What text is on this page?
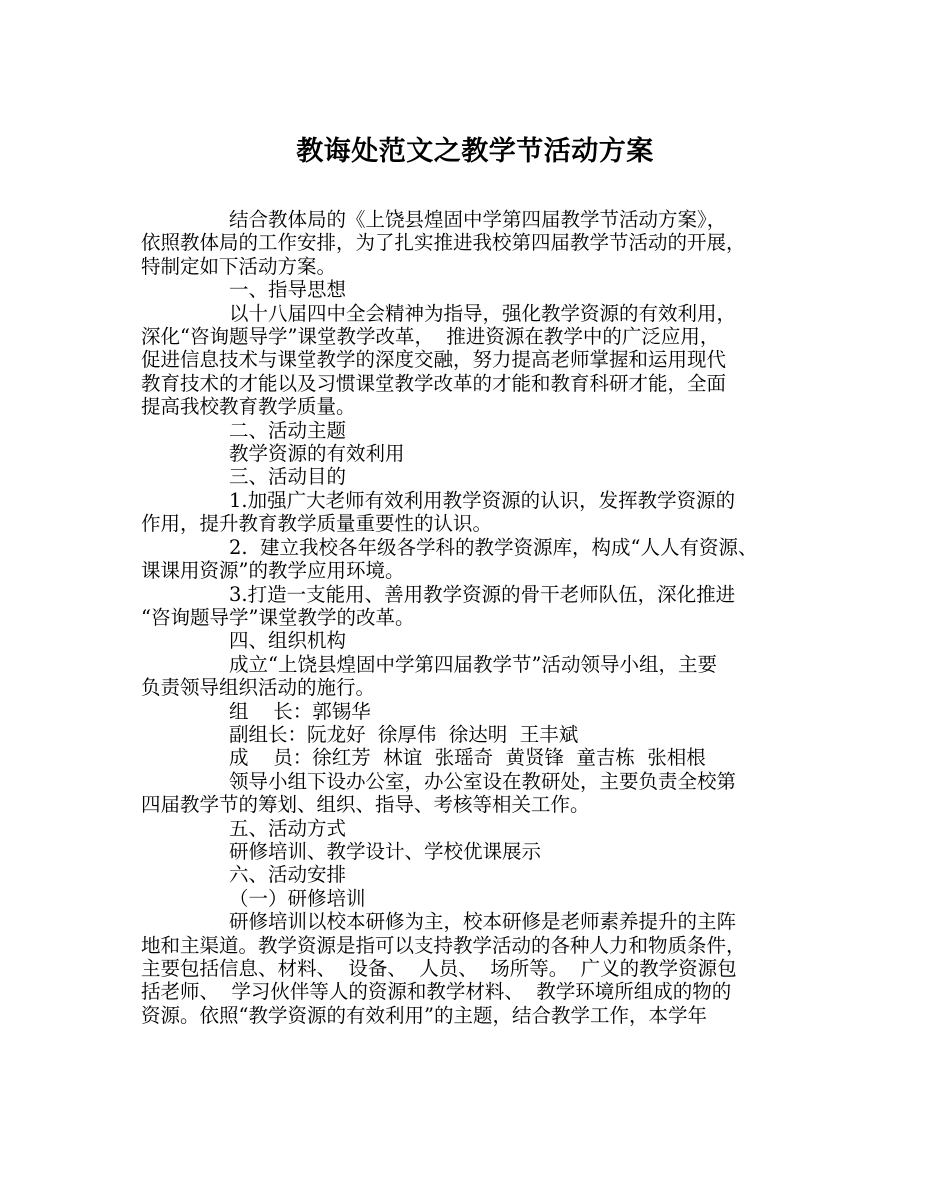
教诲处范文之教学节活动方案
结合教体局的《上饶县煌固中学第四届教学节活动方案》，
依照教体局的工作安排，为了扎实推进我校第四届教学节活动的开展，
特制定如下活动方案。
一、指导思想
以十八届四中全会精神为指导，强化教学资源的有效利用，
深化“咨询题导学”课堂教学改革，  推进资源在教学中的广泛应用，
促进信息技术与课堂教学的深度交融，努力提高老师掌握和运用现代
教育技术的才能以及习惯课堂教学改革的才能和教育科研才能，全面
提高我校教育教学质量。
二、活动主题
教学资源的有效利用
三、活动目的
1.加强广大老师有效利用教学资源的认识，发挥教学资源的
作用，提升教育教学质量重要性的认识。
2.  建立我校各年级各学科的教学资源库，构成“人人有资源、
课课用资源”的教学应用环境。
3.打造一支能用、善用教学资源的骨干老师队伍，深化推进
“咨询题导学”课堂教学的改革。
四、组织机构
成立“上饶县煌固中学第四届教学节”活动领导小组，主要
负责领导组织活动的施行。
组    长：郭锡华
副组长：阮龙好  徐厚伟  徐达明  王丰斌
成    员：徐红芳  林谊  张瑶奇  黄贤锋  童吉栋  张相根
领导小组下设办公室，办公室设在教研处，主要负责全校第
四届教学节的筹划、组织、指导、考核等相关工作。
五、活动方式
研修培训、教学设计、学校优课展示
六、活动安排
（一）研修培训
研修培训以校本研修为主，校本研修是老师素养提升的主阵
地和主渠道。教学资源是指可以支持教学活动的各种人力和物质条件，
主要包括信息、材料、  设备、  人员、  场所等。  广义的教学资源包
括老师、  学习伙伴等人的资源和教学材料、  教学环境所组成的物的
资源。依照“教学资源的有效利用”的主题，结合教学工作，本学年
